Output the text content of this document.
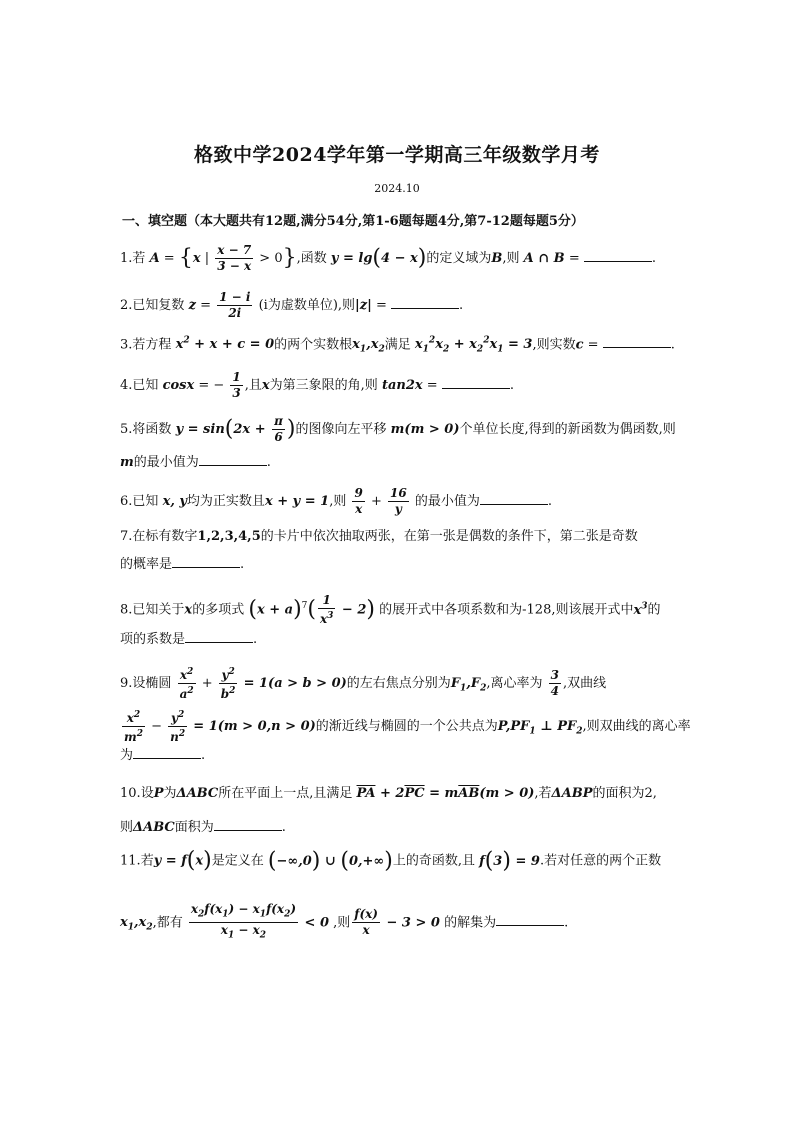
格致中学2024学年第一学期高三年级数学月考
2024.10
一、填空题（本大题共有12题,满分54分,第1-6题每题4分,第7-12题每题5分）
1.若 A = {x | $\frac{x - 7}{3 - x} > 0$},函数 y = lg(4 − x)的定义域为B,则 A ∩ B =	.
2.已知复数 $z = \frac{1 - i}{2i} (i$为虚数单位),则|z| =	.
3.若方程 $x^2 + x + c = 0$的两个实数根$x_1,x_2$满足 $x_1^2x_2 + x_2^2x_1 = 3$,则实数c =	.
4.已知 cosx = − $\frac{1}{3}$ ,且x为第三象限的角,则 tan2x =	.
5.将函数 $y = \sin(2x + \frac{\pi}{6}$ )的图像向左平移 m(m > 0)个单位长度,得到的新函数为偶函数,则
m的最小值为	.
6.已知 x, y均为正实数且x + y = 1,则 $\frac{9}{x} + \frac{16}{y}$ 的最小值为	.
7.在标有数字1,2,3,4,5的卡片中依次抽取两张，在第一张是偶数的条件下，第二张是奇数
的概率是	.
8.已知关于x的多项式 $(x + a)^7( \frac{1}{x^3} - 2)$ 的展开式中各项系数和为-128,则该展开式中$x^3$的
项的系数是	.
9.设椭圆 $\frac{x^2}{a^2} + \frac{y^2}{b^2} = 1(a > b > 0)$的左右焦点分别为$F_1,F_2$,离心率为 $\frac{3}{4}$ ,双曲线
$\frac{x^2}{m^2} - \frac{y^2}{n^2} = 1(m > 0,n > 0)$的渐近线与椭圆的一个公共点为$P,PF_1$ ⊥ $PF_2$,则双曲线的离心率
为	.
10.设P为ΔABC所在平面上一点,且满足 $\overline{PA} + 2\overline{PC} = m\overline{AB}(m > 0)$,若ΔABP的面积为2,
则ΔABC面积为	.
11.若y = f(x)是定义在 (−∞,0) ∪ (0,+∞)上的奇函数,且 f(3) = 9.若对任意的两个正数
$x_1,x_2$,都有 $\frac{x_2f(x_1) - x_1f(x_2)}{x_1 - x_2} < 0$ ,则 $\frac{f(x)}{x} - 3 > 0$ 的解集为	.
